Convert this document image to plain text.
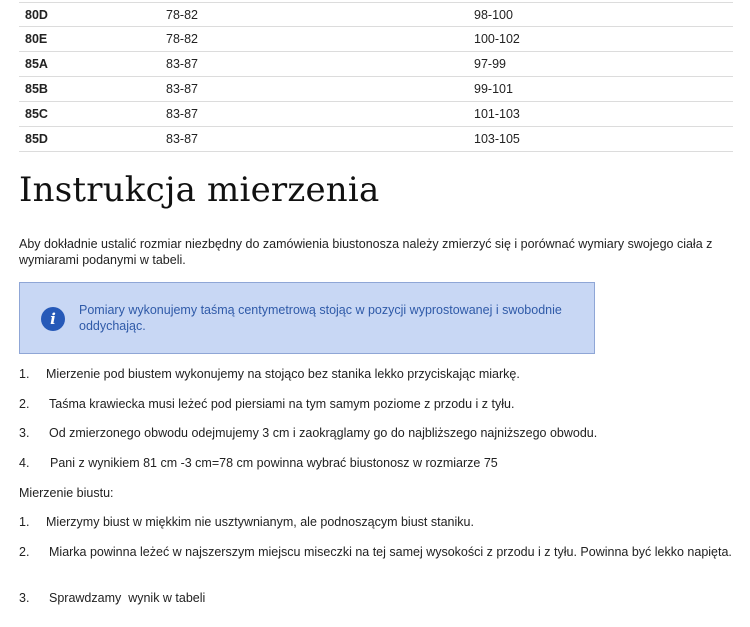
80D	78-82	98-100
80E	78-82	100-102
85A	83-87	97-99
85B	83-87	99-101
85C	83-87	101-103
85D	83-87	103-105
Instrukcja mierzenia

Aby dokładnie ustalić rozmiar niezbędny do zamówienia biustonosza należy zmierzyć się i porównać wymiary swojego ciała z wymiarami podanymi w tabeli.

i	Pomiary wykonujemy taśmą centymetrową stojąc w pozycji wyprostowanej i swobodnie oddychając.

1. Mierzenie pod biustem wykonujemy na stojąco bez stanika lekko przyciskając miarkę.

2. Taśma krawiecka musi leżeć pod piersiami na tym samym poziome z przodu i z tyłu.

3. Od zmierzonego obwodu odejmujemy 3 cm i zaokrąglamy go do najbliższego najniższego obwodu.

4. Pani z wynikiem 81 cm -3 cm=78 cm powinna wybrać biustonosz w rozmiarze 75

Mierzenie biustu:

1. Mierzymy biust w miękkim nie usztywnianym, ale podnoszącym biust staniku.

2. Miarka powinna leżeć w najszerszym miejscu miseczki na tej samej wysokości z przodu i z tyłu. Powinna być lekko napięta.

3. Sprawdzamy  wynik w tabeli
